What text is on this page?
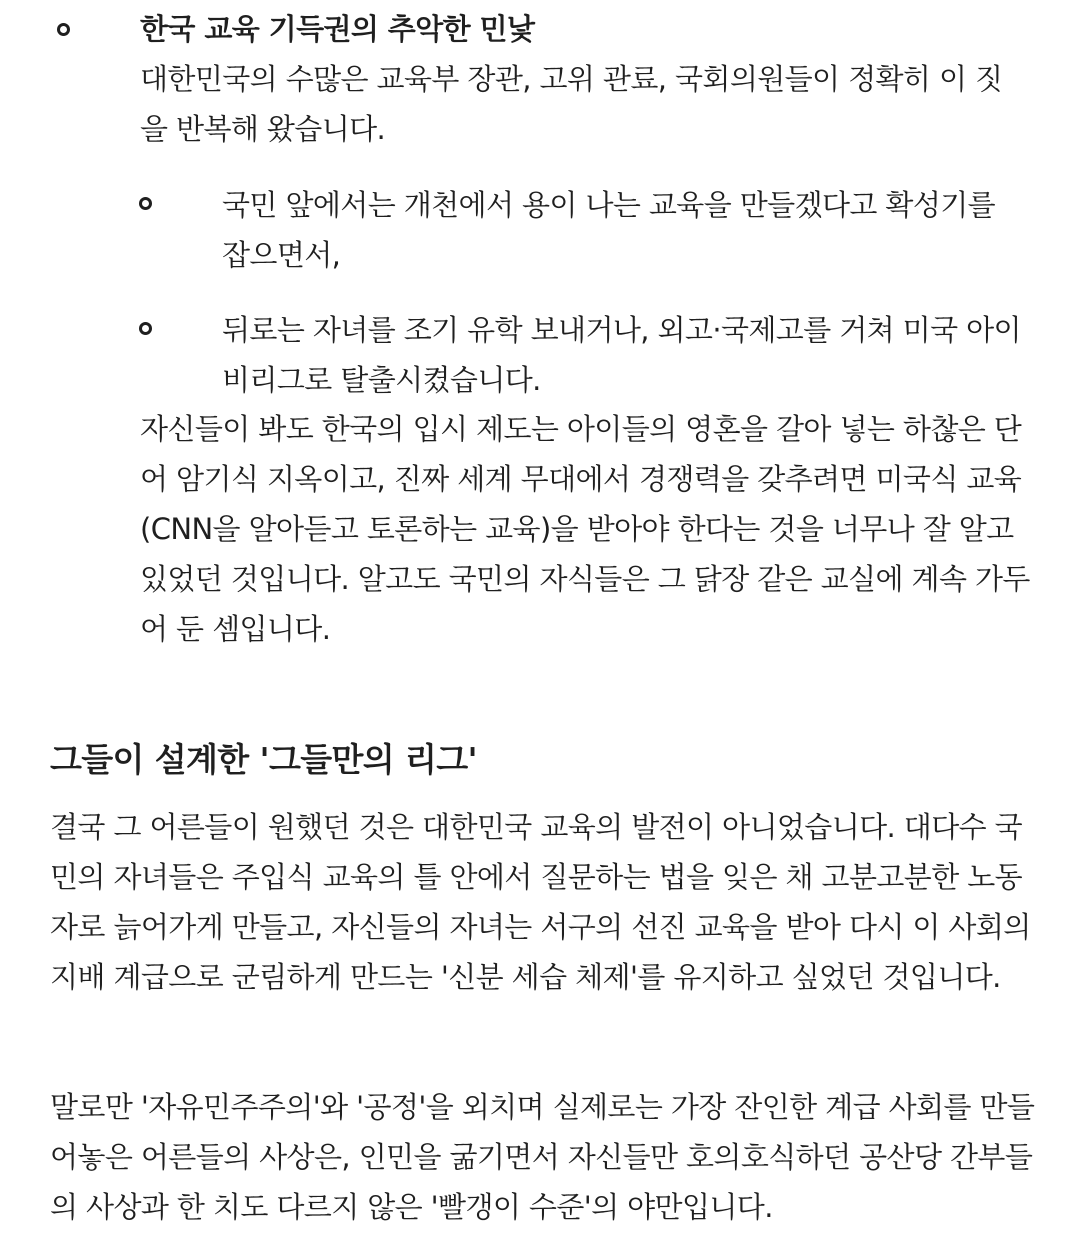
한국 교육 기득권의 추악한 민낯

대한민국의 수많은 교육부 장관, 고위 관료, 국회의원들이 정확히 이 짓을 반복해 왔습니다.

국민 앞에서는 개천에서 용이 나는 교육을 만들겠다고 확성기를 잡으면서,

뒤로는 자녀를 조기 유학 보내거나, 외고·국제고를 거쳐 미국 아이비리그로 탈출시켰습니다.

자신들이 봐도 한국의 입시 제도는 아이들의 영혼을 갈아 넣는 하찮은 단어 암기식 지옥이고, 진짜 세계 무대에서 경쟁력을 갖추려면 미국식 교육(CNN을 알아듣고 토론하는 교육)을 받아야 한다는 것을 너무나 잘 알고 있었던 것입니다. 알고도 국민의 자식들은 그 닭장 같은 교실에 계속 가두어 둔 셈입니다.

그들이 설계한 '그들만의 리그'

결국 그 어른들이 원했던 것은 대한민국 교육의 발전이 아니었습니다. 대다수 국민의 자녀들은 주입식 교육의 틀 안에서 질문하는 법을 잊은 채 고분고분한 노동자로 늙어가게 만들고, 자신들의 자녀는 서구의 선진 교육을 받아 다시 이 사회의 지배 계급으로 군림하게 만드는 '신분 세습 체제'를 유지하고 싶었던 것입니다.

말로만 '자유민주주의'와 '공정'을 외치며 실제로는 가장 잔인한 계급 사회를 만들어놓은 어른들의 사상은, 인민을 굶기면서 자신들만 호의호식하던 공산당 간부들의 사상과 한 치도 다르지 않은 '빨갱이 수준'의 야만입니다.
